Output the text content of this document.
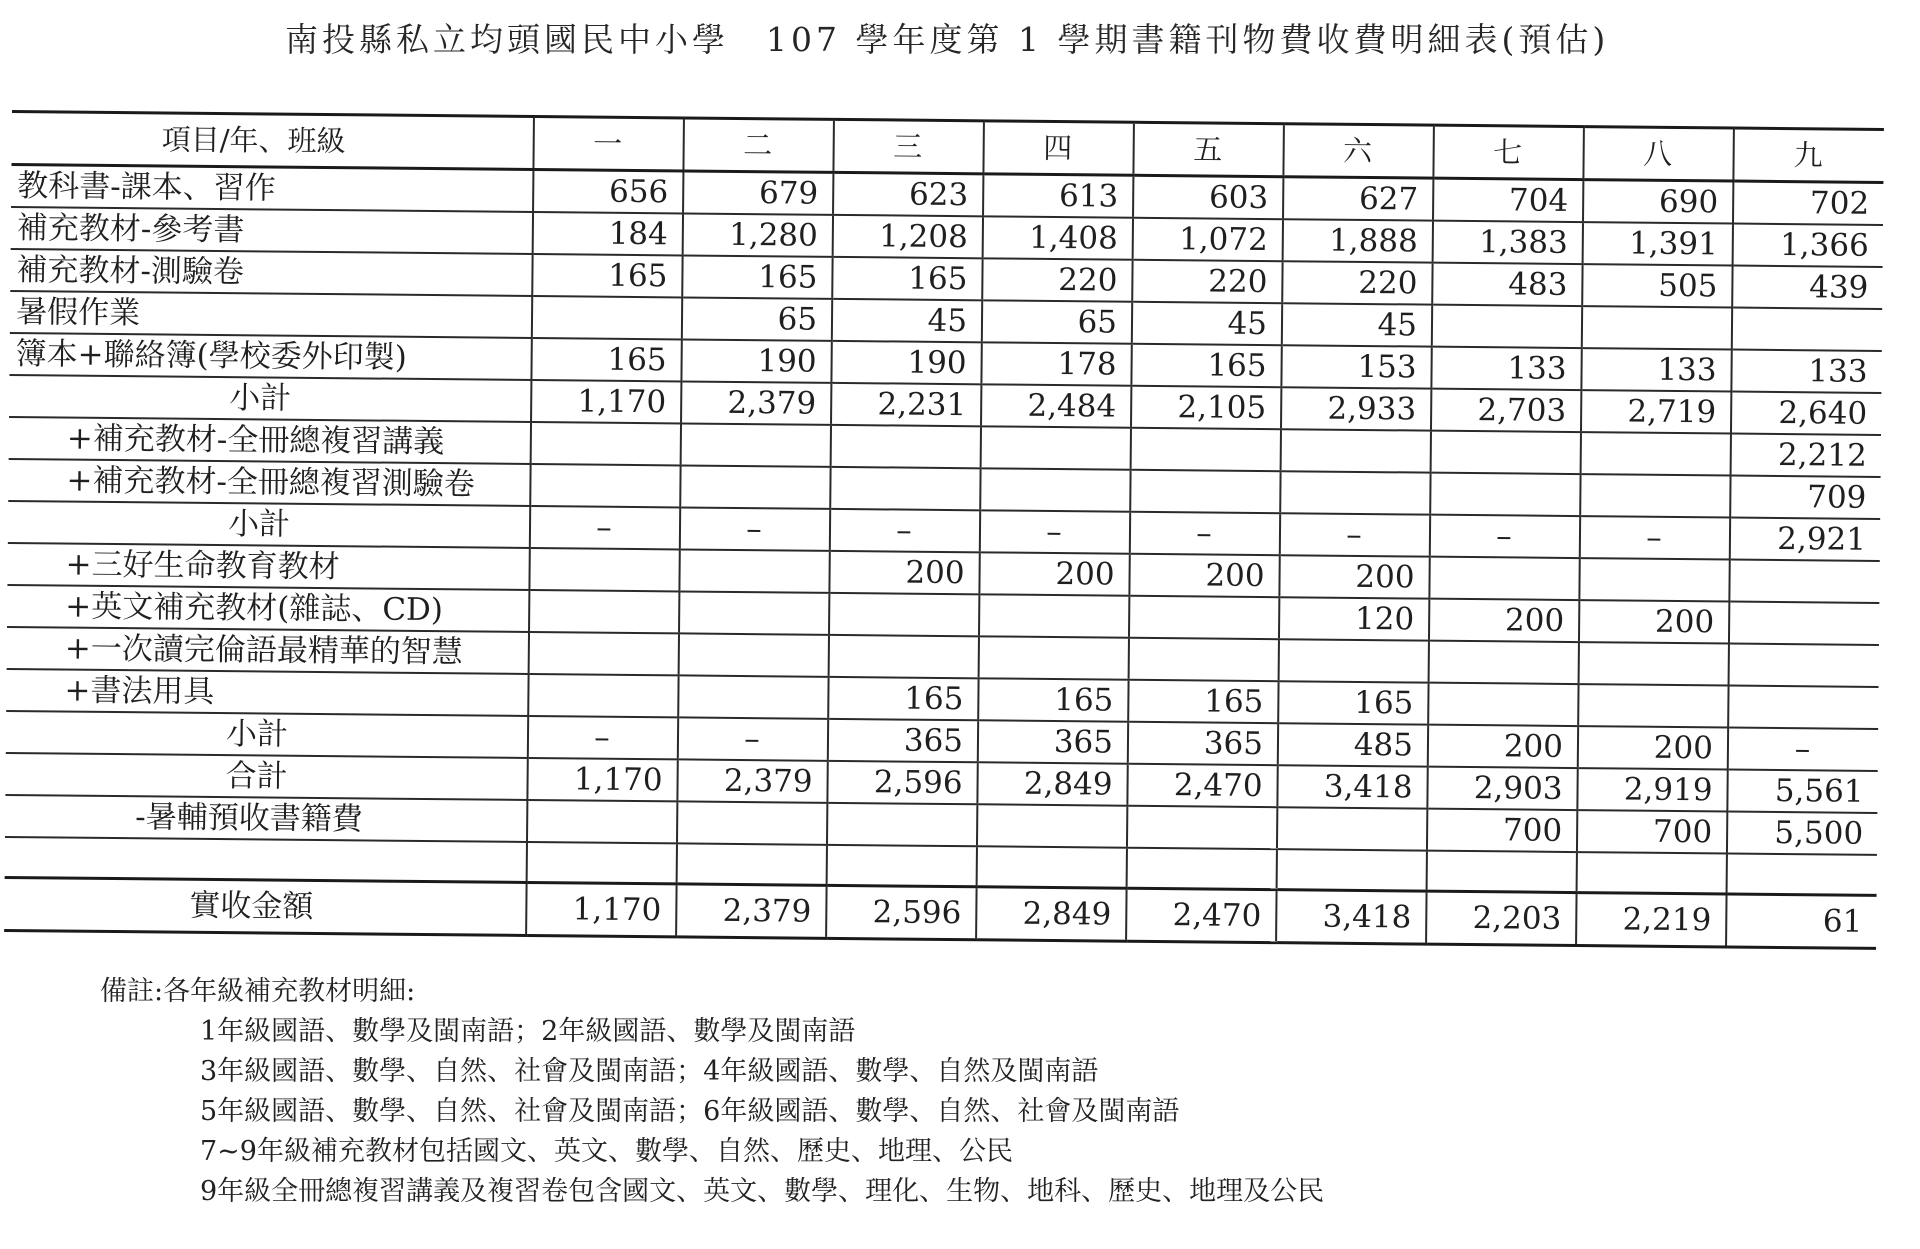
南投縣私立均頭國民中小學　107 學年度第 1 學期書籍刊物費收費明細表(預估)
項目/年、班級	一	二	三	四	五	六	七	八	九
教科書-課本、習作	656	679	623	613	603	627	704	690	702
補充教材-參考書	184	1,280	1,208	1,408	1,072	1,888	1,383	1,391	1,366
補充教材-測驗卷	165	165	165	220	220	220	483	505	439
暑假作業		65	45	65	45	45			
簿本+聯絡簿(學校委外印製)	165	190	190	178	165	153	133	133	133
小計	1,170	2,379	2,231	2,484	2,105	2,933	2,703	2,719	2,640
+補充教材-全冊總複習講義									2,212
+補充教材-全冊總複習測驗卷									709
小計	–	–	–	–	–	–	–	–	2,921
+三好生命教育教材			200	200	200	200			
+英文補充教材(雜誌、CD)						120	200	200	
+一次讀完倫語最精華的智慧									
+書法用具			165	165	165	165			
小計	–	–	365	365	365	485	200	200	–
合計	1,170	2,379	2,596	2,849	2,470	3,418	2,903	2,919	5,561
-暑輔預收書籍費							700	700	5,500

實收金額	1,170	2,379	2,596	2,849	2,470	3,418	2,203	2,219	61
備註:各年級補充教材明細:
1年級國語、數學及閩南語；2年級國語、數學及閩南語
3年級國語、數學、自然、社會及閩南語；4年級國語、數學、自然及閩南語
5年級國語、數學、自然、社會及閩南語；6年級國語、數學、自然、社會及閩南語
7~9年級補充教材包括國文、英文、數學、自然、歷史、地理、公民
9年級全冊總複習講義及複習卷包含國文、英文、數學、理化、生物、地科、歷史、地理及公民
